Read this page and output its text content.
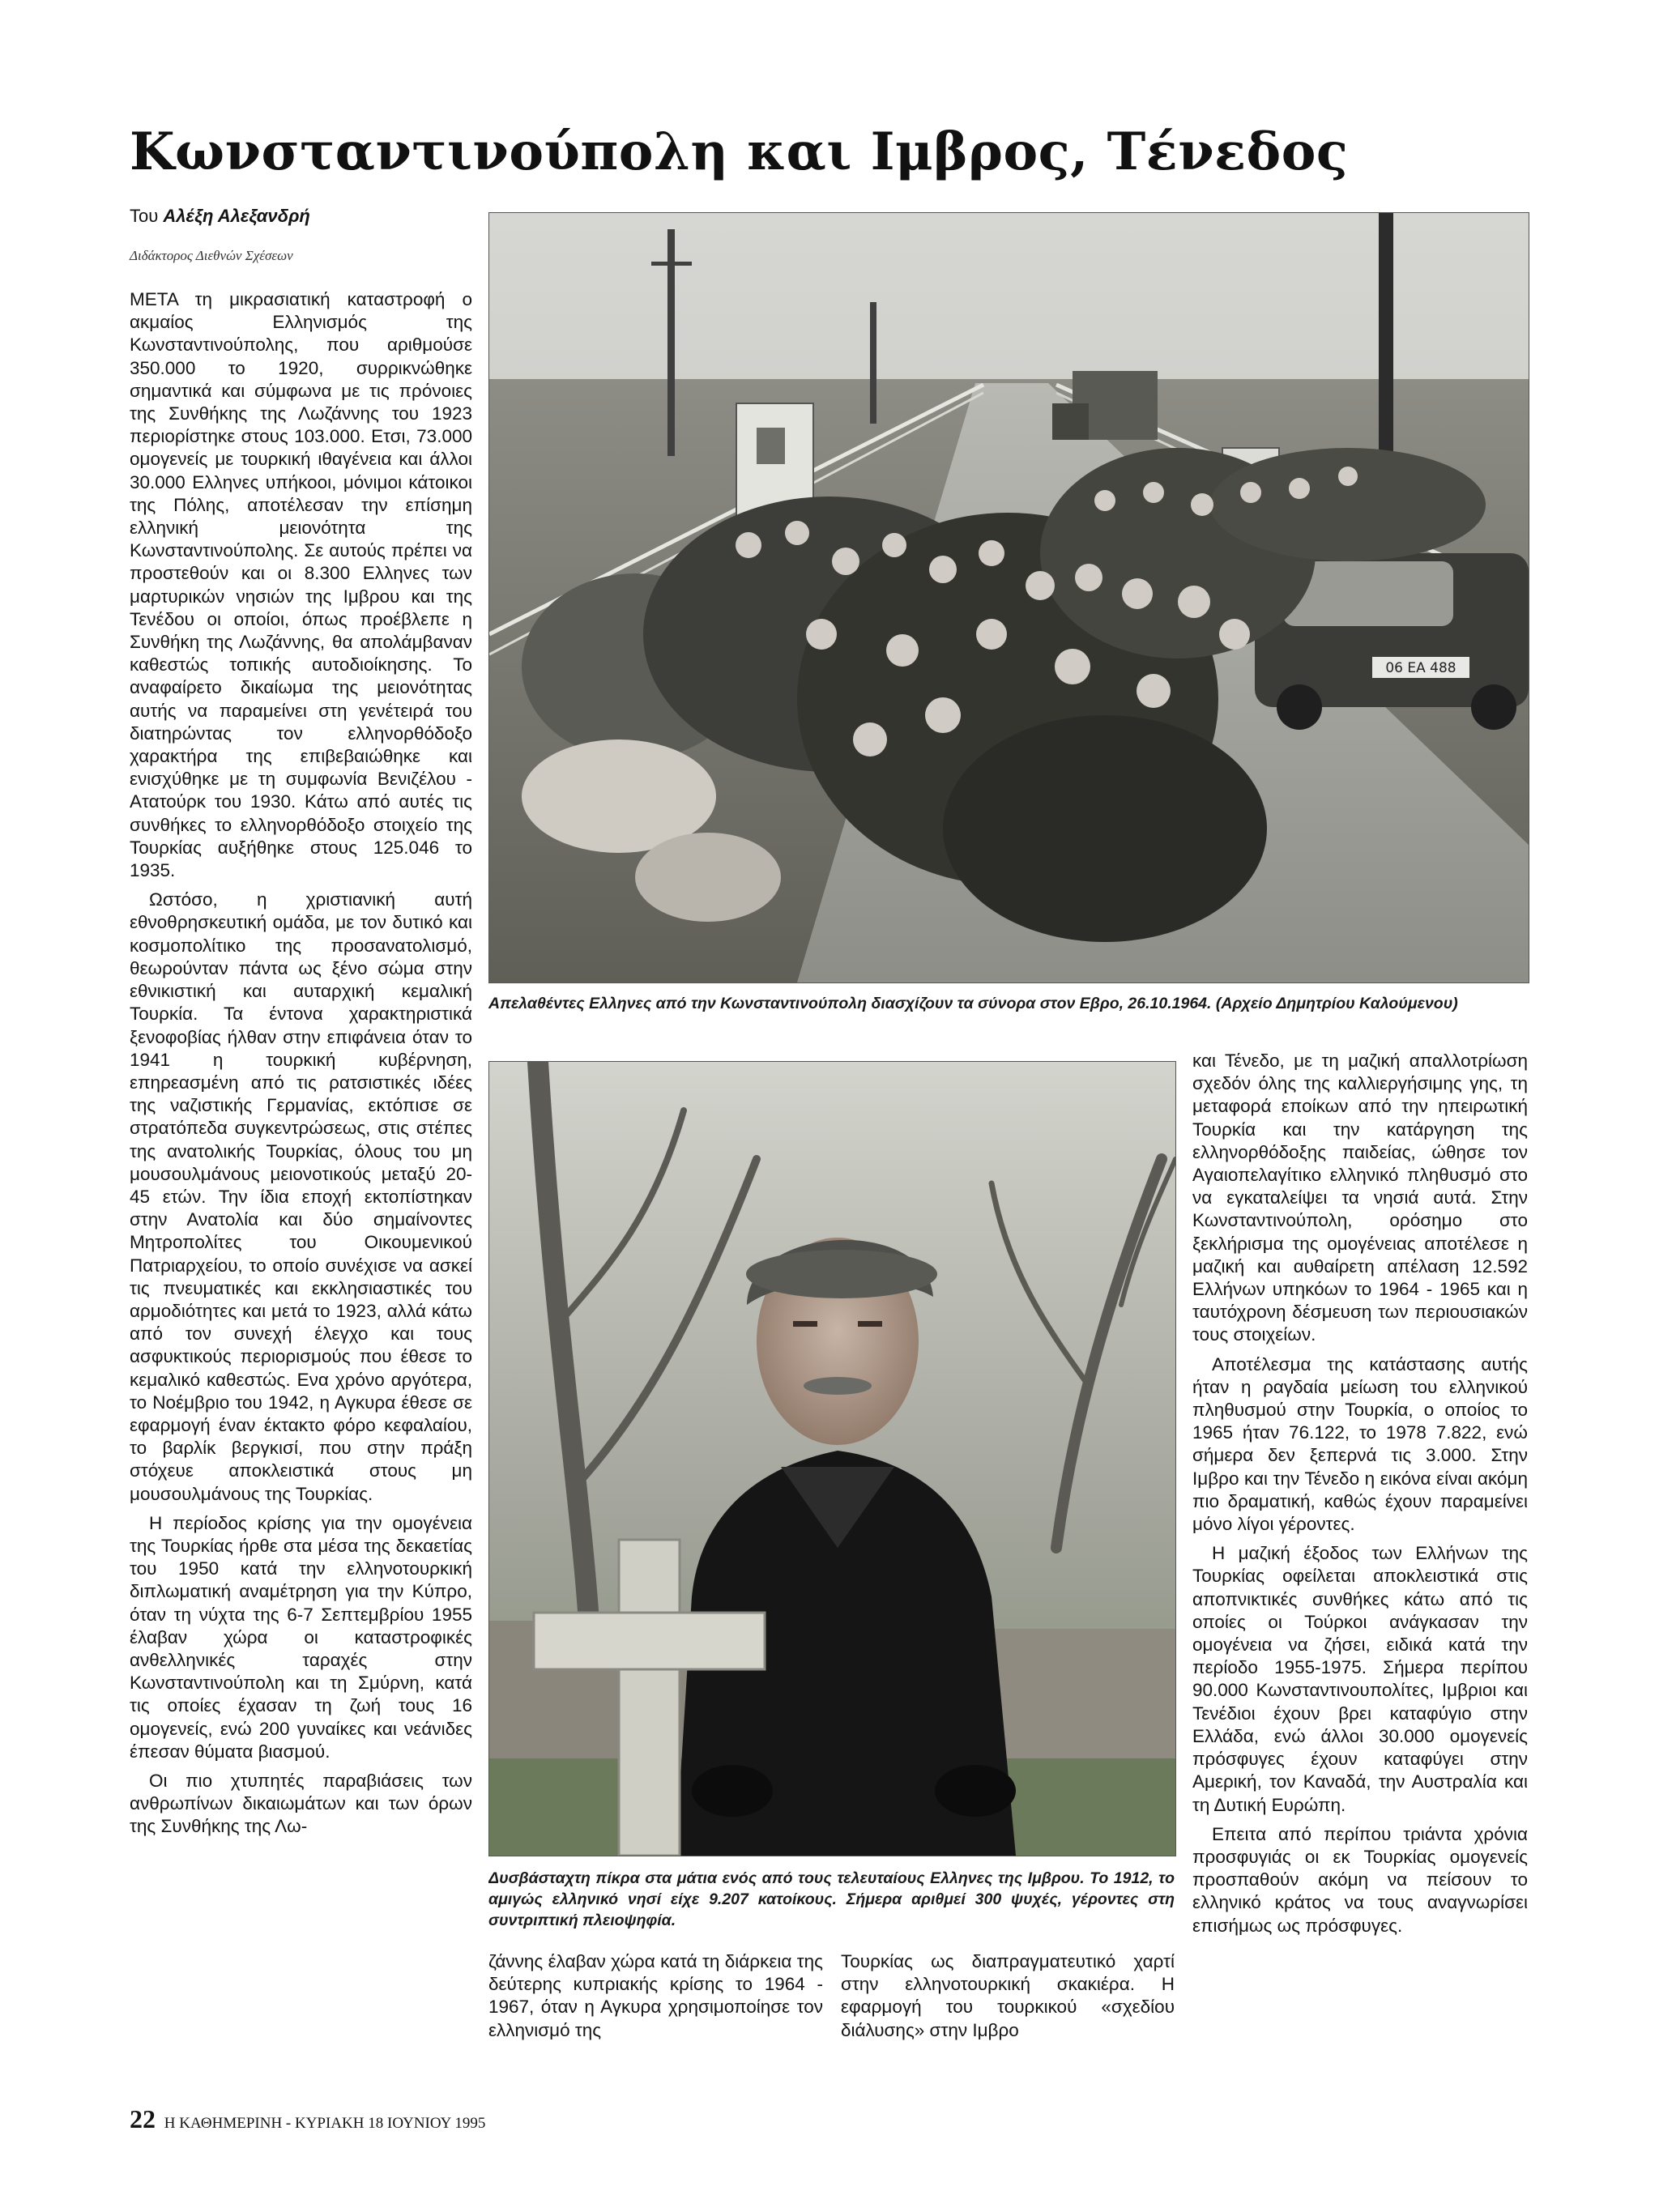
Κωνσταντινούπολη και Ιμβρος, Τένεδος
Του Αλέξη Αλεξανδρή
Διδάκτορος Διεθνών Σχέσεων

ΜΕΤΑ τη μικρασιατική καταστροφή ο ακμαίος Ελληνισμός της Κωνσταντινούπολης, που αριθμούσε 350.000 το 1920, συρρικνώθηκε σημαντικά και σύμφωνα με τις πρόνοιες της Συνθήκης της Λωζάννης του 1923 περιορίστηκε στους 103.000. Ετσι, 73.000 ομογενείς με τουρκική ιθαγένεια και άλλοι 30.000 Ελληνες υπήκοοι, μόνιμοι κάτοικοι της Πόλης, αποτέλεσαν την επίσημη ελληνική μειονότητα της Κωνσταντινούπολης. Σε αυτούς πρέπει να προστεθούν και οι 8.300 Ελληνες των μαρτυρικών νησιών της Ιμβρου και της Τενέδου οι οποίοι, όπως προέβλεπε η Συνθήκη της Λωζάννης, θα απολάμβαναν καθεστώς τοπικής αυτοδιοίκησης. Το αναφαίρετο δικαίωμα της μειονότητας αυτής να παραμείνει στη γενέτειρά του διατηρώντας τον ελληνορθόδοξο χαρακτήρα της επιβεβαιώθηκε και ενισχύθηκε με τη συμφωνία Βενιζέλου - Ατατούρκ του 1930. Κάτω από αυτές τις συνθήκες το ελληνορθόδοξο στοιχείο της Τουρκίας αυξήθηκε στους 125.046 το 1935.

Ωστόσο, η χριστιανική αυτή εθνοθρησκευτική ομάδα, με τον δυτικό και κοσμοπολίτικο της προσανατολισμό, θεωρούνταν πάντα ως ξένο σώμα στην εθνικιστική και αυταρχική κεμαλική Τουρκία. Τα έντονα χαρακτηριστικά ξενοφοβίας ήλθαν στην επιφάνεια όταν το 1941 η τουρκική κυβέρνηση, επηρεασμένη από τις ρατσιστικές ιδέες της ναζιστικής Γερμανίας, εκτόπισε σε στρατόπεδα συγκεντρώσεως, στις στέπες της ανατολικής Τουρκίας, όλους του μη μουσουλμάνους μειονοτικούς μεταξύ 20-45 ετών. Την ίδια εποχή εκτοπίστηκαν στην Ανατολία και δύο σημαίνοντες Μητροπολίτες του Οικουμενικού Πατριαρχείου, το οποίο συνέχισε να ασκεί τις πνευματικές και εκκλησιαστικές του αρμοδιότητες και μετά το 1923, αλλά κάτω από τον συνεχή έλεγχο και τους ασφυκτικούς περιορισμούς που έθεσε το κεμαλικό καθεστώς. Ενα χρόνο αργότερα, το Νοέμβριο του 1942, η Αγκυρα έθεσε σε εφαρμογή έναν έκτακτο φόρο κεφαλαίου, το βαρλίκ βεργκισί, που στην πράξη στόχευε αποκλειστικά στους μη μουσουλμάνους της Τουρκίας.

Η περίοδος κρίσης για την ομογένεια της Τουρκίας ήρθε στα μέσα της δεκαετίας του 1950 κατά την ελληνοτουρκική διπλωματική αναμέτρηση για την Κύπρο, όταν τη νύχτα της 6-7 Σεπτεμβρίου 1955 έλαβαν χώρα οι καταστροφικές ανθελληνικές ταραχές στην Κωνσταντινούπολη και τη Σμύρνη, κατά τις οποίες έχασαν τη ζωή τους 16 ομογενείς, ενώ 200 γυναίκες και νεάνιδες έπεσαν θύματα βιασμού.

Οι πιο χτυπητές παραβιάσεις των ανθρωπίνων δικαιωμάτων και των όρων της Συνθήκης της Λω-

06 EA 488
Απελαθέντες Ελληνες από την Κωνσταντινούπολη διασχίζουν τα σύνορα στον Εβρο, 26.10.1964. (Αρχείο Δημητρίου Καλούμενου)
Δυσβάσταχτη πίκρα στα μάτια ενός από τους τελευταίους Ελληνες της Ιμβρου. Το 1912, το αμιγώς ελληνικό νησί είχε 9.207 κατοίκους. Σήμερα αριθμεί 300 ψυχές, γέροντες στη συντριπτική πλειοψηφία.

ζάννης έλαβαν χώρα κατά τη διάρκεια της δεύτερης κυπριακής κρίσης το 1964 - 1967, όταν η Αγκυρα χρησιμοποίησε τον ελληνισμό της

Τουρκίας ως διαπραγματευτικό χαρτί στην ελληνοτουρκική σκακιέρα. Η εφαρμογή του τουρκικού «σχεδίου διάλυσης» στην Ιμβρο

και Τένεδο, με τη μαζική απαλλοτρίωση σχεδόν όλης της καλλιεργήσιμης γης, τη μεταφορά εποίκων από την ηπειρωτική Τουρκία και την κατάργηση της ελληνορθόδοξης παιδείας, ώθησε τον Αγαιοπελαγίτικο ελληνικό πληθυσμό στο να εγκαταλείψει τα νησιά αυτά. Στην Κωνσταντινούπολη, ορόσημο στο ξεκλήρισμα της ομογένειας αποτέλεσε η μαζική και αυθαίρετη απέλαση 12.592 Ελλήνων υπηκόων το 1964 - 1965 και η ταυτόχρονη δέσμευση των περιουσιακών τους στοιχείων.

Αποτέλεσμα της κατάστασης αυτής ήταν η ραγδαία μείωση του ελληνικού πληθυσμού στην Τουρκία, ο οποίος το 1965 ήταν 76.122, το 1978 7.822, ενώ σήμερα δεν ξεπερνά τις 3.000. Στην Ιμβρο και την Τένεδο η εικόνα είναι ακόμη πιο δραματική, καθώς έχουν παραμείνει μόνο λίγοι γέροντες.

Η μαζική έξοδος των Ελλήνων της Τουρκίας οφείλεται αποκλειστικά στις αποπνικτικές συνθήκες κάτω από τις οποίες οι Τούρκοι ανάγκασαν την ομογένεια να ζήσει, ειδικά κατά την περίοδο 1955-1975. Σήμερα περίπου 90.000 Κωνσταντινουπολίτες, Ιμβριοι και Τενέδιοι έχουν βρει καταφύγιο στην Ελλάδα, ενώ άλλοι 30.000 ομογενείς πρόσφυγες έχουν καταφύγει στην Αμερική, τον Καναδά, την Αυστραλία και τη Δυτική Ευρώπη.

Επειτα από περίπου τριάντα χρόνια προσφυγιάς οι εκ Τουρκίας ομογενείς προσπαθούν ακόμη να πείσουν το ελληνικό κράτος να τους αναγνωρίσει επισήμως ως πρόσφυγες.

22 Η ΚΑΘΗΜΕΡΙΝΗ - ΚΥΡΙΑΚΗ 18 ΙΟΥΝΙΟΥ 1995
